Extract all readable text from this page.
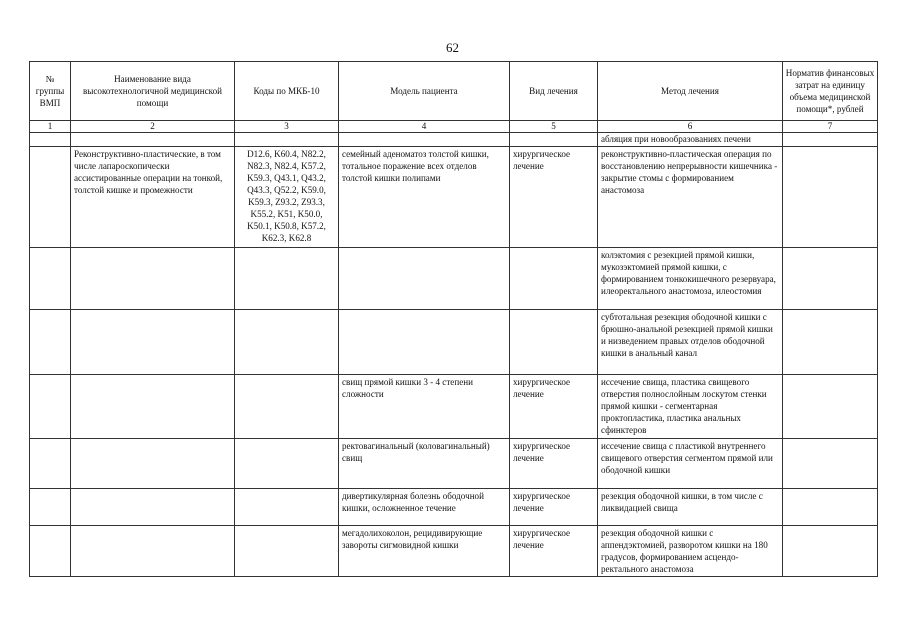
62
№ группы ВМП	Наименование вида высокотехнологичной медицинской помощи	Коды по МКБ-10	Модель пациента	Вид лечения	Метод лечения	Норматив финансовых затрат на единицу объема медицинской помощи*, рублей
1	2	3	4	5	6	7
					абляция при новообразованиях печени	
	Реконструктивно-пластические, в том числе лапароскопически ассистированные операции на тонкой, толстой кишке и промежности	D12.6, K60.4, N82.2, N82.3, N82.4, K57.2, K59.3, Q43.1, Q43.2, Q43.3, Q52.2, K59.0, K59.3, Z93.2, Z93.3, K55.2, K51, K50.0, K50.1, K50.8, K57.2, K62.3, K62.8	семейный аденоматоз толстой кишки, тотальное поражение всех отделов толстой кишки полипами	хирургическое лечение	реконструктивно-пластическая операция по восстановлению непрерывности кишечника - закрытие стомы с формированием анастомоза	
					колэктомия с резекцией прямой кишки, мукозэктомией прямой кишки, с формированием тонкокишечного резервуара, илеоректального анастомоза, илеостомия	
					субтотальная резекция ободочной кишки с брюшно-анальной резекцией прямой кишки и низведением правых отделов ободочной кишки в анальный канал	
			свищ прямой кишки 3 - 4 степени сложности	хирургическое лечение	иссечение свища, пластика свищевого отверстия полнослойным лоскутом стенки прямой кишки - сегментарная проктопластика, пластика анальных сфинктеров	
			ректовагинальный (коловагинальный) свищ	хирургическое лечение	иссечение свища с пластикой внутреннего свищевого отверстия сегментом прямой или ободочной кишки	
			дивертикулярная болезнь ободочной кишки, осложненное течение	хирургическое лечение	резекция ободочной кишки, в том числе с ликвидацией свища	
			мегадолихоколон, рецидивирующие завороты сигмовидной кишки	хирургическое лечение	резекция ободочной кишки с аппендэктомией, разворотом кишки на 180 градусов, формированием асцендо-ректального анастомоза	
